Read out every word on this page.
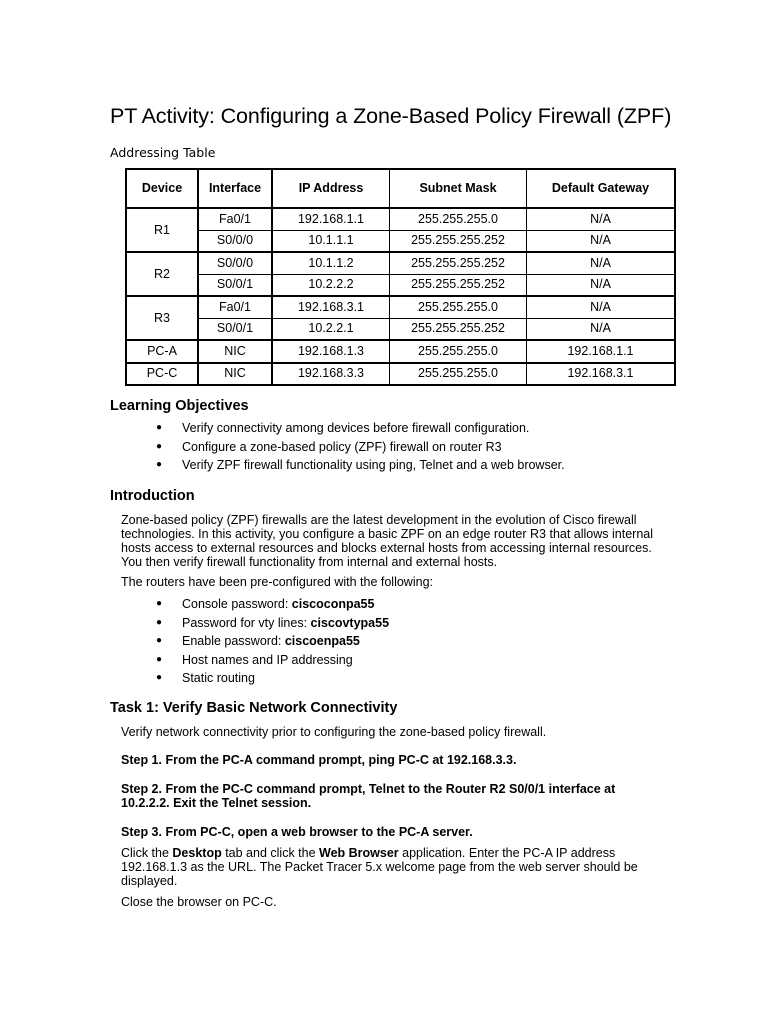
PT Activity: Configuring a Zone-Based Policy Firewall (ZPF)

Addressing Table

Device	Interface	IP Address	Subnet Mask	Default Gateway
R1	Fa0/1	192.168.1.1	255.255.255.0	N/A
	S0/0/0	10.1.1.1	255.255.255.252	N/A
R2	S0/0/0	10.1.1.2	255.255.255.252	N/A
	S0/0/1	10.2.2.2	255.255.255.252	N/A
R3	Fa0/1	192.168.3.1	255.255.255.0	N/A
	S0/0/1	10.2.2.1	255.255.255.252	N/A
PC-A	NIC	192.168.1.3	255.255.255.0	192.168.1.1
PC-C	NIC	192.168.3.3	255.255.255.0	192.168.3.1
Learning Objectives
● Verify connectivity among devices before firewall configuration.
● Configure a zone-based policy (ZPF) firewall on router R3
● Verify ZPF firewall functionality using ping, Telnet and a web browser.
Introduction

Zone-based policy (ZPF) firewalls are the latest development in the evolution of Cisco firewall technologies. In this activity, you configure a basic ZPF on an edge router R3 that allows internal hosts access to external resources and blocks external hosts from accessing internal resources. You then verify firewall functionality from internal and external hosts.

The routers have been pre-configured with the following:

● Console password: ciscoconpa55
● Password for vty lines: ciscovtypa55
● Enable password: ciscoenpa55
● Host names and IP addressing
● Static routing
Task 1: Verify Basic Network Connectivity

Verify network connectivity prior to configuring the zone-based policy firewall.

Step 1. From the PC-A command prompt, ping PC-C at 192.168.3.3.

Step 2. From the PC-C command prompt, Telnet to the Router R2 S0/0/1 interface at 10.2.2.2. Exit the Telnet session.

Step 3. From PC-C, open a web browser to the PC-A server.

Click the Desktop tab and click the Web Browser application. Enter the PC-A IP address 192.168.1.3 as the URL. The Packet Tracer 5.x welcome page from the web server should be displayed.

Close the browser on PC-C.
